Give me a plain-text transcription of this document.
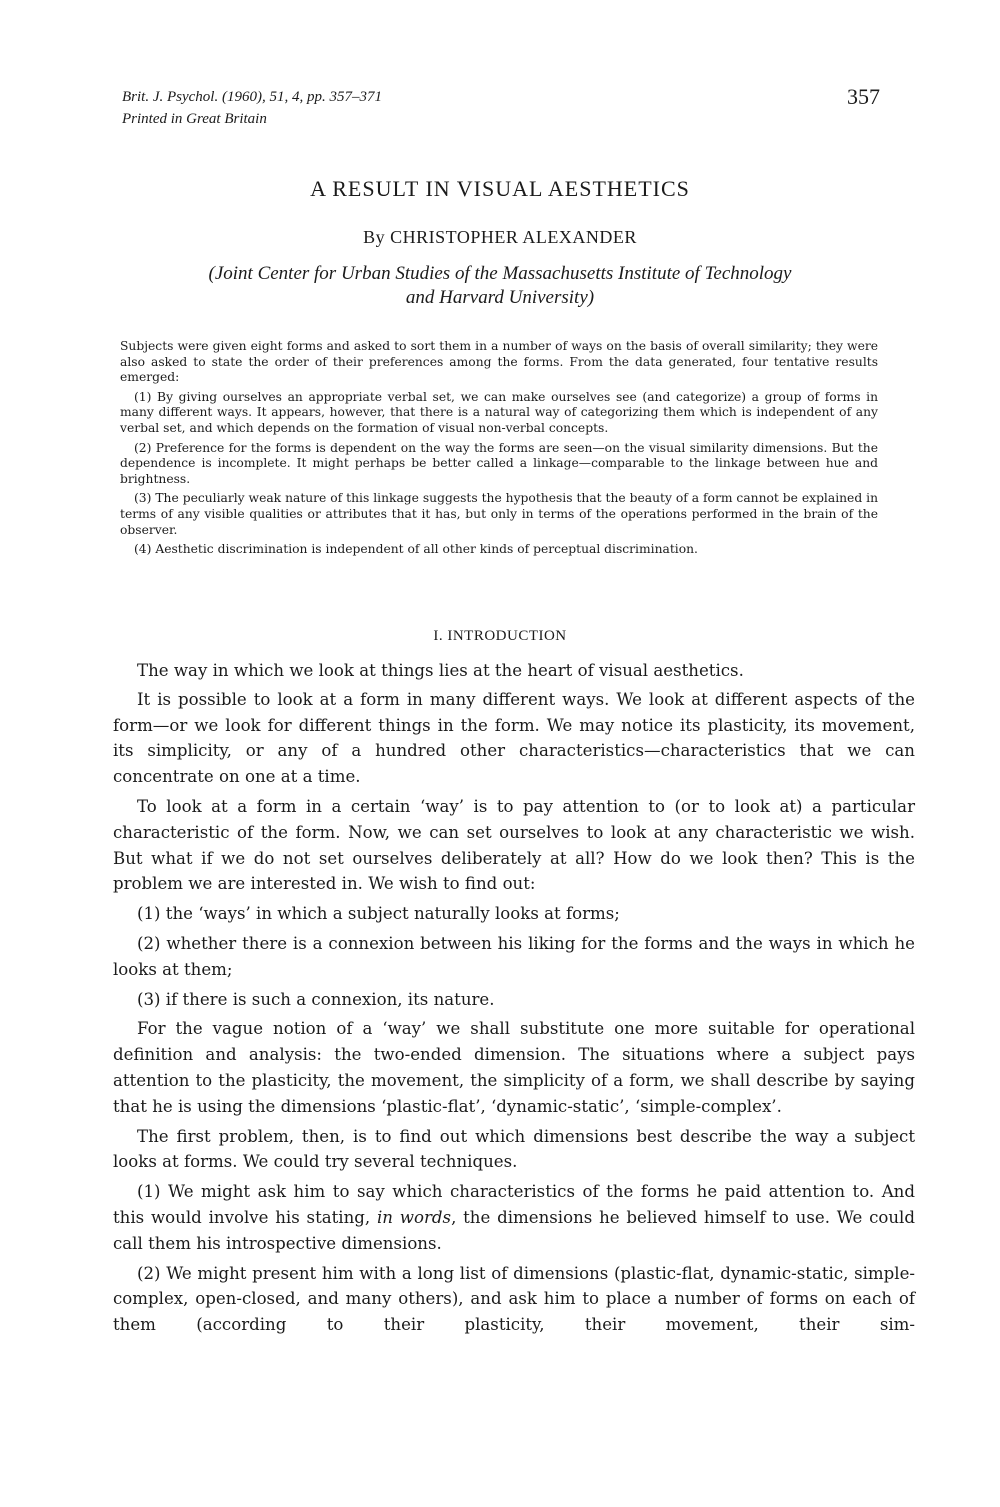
Brit. J. Psychol. (1960), 51, 4, pp. 357–371
Printed in Great Britain
357
A RESULT IN VISUAL AESTHETICS
By CHRISTOPHER ALEXANDER
(Joint Center for Urban Studies of the Massachusetts Institute of Technology
and Harvard University)

Subjects were given eight forms and asked to sort them in a number of ways on the basis of overall similarity; they were also asked to state the order of their preferences among the forms. From the data generated, four tentative results emerged:

(1) By giving ourselves an appropriate verbal set, we can make ourselves see (and categorize) a group of forms in many different ways. It appears, however, that there is a natural way of categorizing them which is independent of any verbal set, and which depends on the formation of visual non-verbal concepts.

(2) Preference for the forms is dependent on the way the forms are seen—on the visual similarity dimensions. But the dependence is incomplete. It might perhaps be better called a linkage—comparable to the linkage between hue and brightness.

(3) The peculiarly weak nature of this linkage suggests the hypothesis that the beauty of a form cannot be explained in terms of any visible qualities or attributes that it has, but only in terms of the operations performed in the brain of the observer.

(4) Aesthetic discrimination is independent of all other kinds of perceptual discrimination.

I. INTRODUCTION

The way in which we look at things lies at the heart of visual aesthetics.

It is possible to look at a form in many different ways. We look at different aspects of the form—or we look for different things in the form. We may notice its plasticity, its movement, its simplicity, or any of a hundred other characteristics—characteristics that we can concentrate on one at a time.

To look at a form in a certain ‘way’ is to pay attention to (or to look at) a particular characteristic of the form. Now, we can set ourselves to look at any characteristic we wish. But what if we do not set ourselves deliberately at all? How do we look then? This is the problem we are interested in. We wish to find out:

(1) the ‘ways’ in which a subject naturally looks at forms;

(2) whether there is a connexion between his liking for the forms and the ways in which he looks at them;

(3) if there is such a connexion, its nature.

For the vague notion of a ‘way’ we shall substitute one more suitable for operational definition and analysis: the two-ended dimension. The situations where a subject pays attention to the plasticity, the movement, the simplicity of a form, we shall describe by saying that he is using the dimensions ‘plastic-flat’, ‘dynamic-static’, ‘simple-complex’.

The first problem, then, is to find out which dimensions best describe the way a subject looks at forms. We could try several techniques.

(1) We might ask him to say which characteristics of the forms he paid attention to. And this would involve his stating, in words, the dimensions he believed himself to use. We could call them his introspective dimensions.

(2) We might present him with a long list of dimensions (plastic-flat, dynamic-static, simple-complex, open-closed, and many others), and ask him to place a number of forms on each of them (according to their plasticity, their movement, their sim-
